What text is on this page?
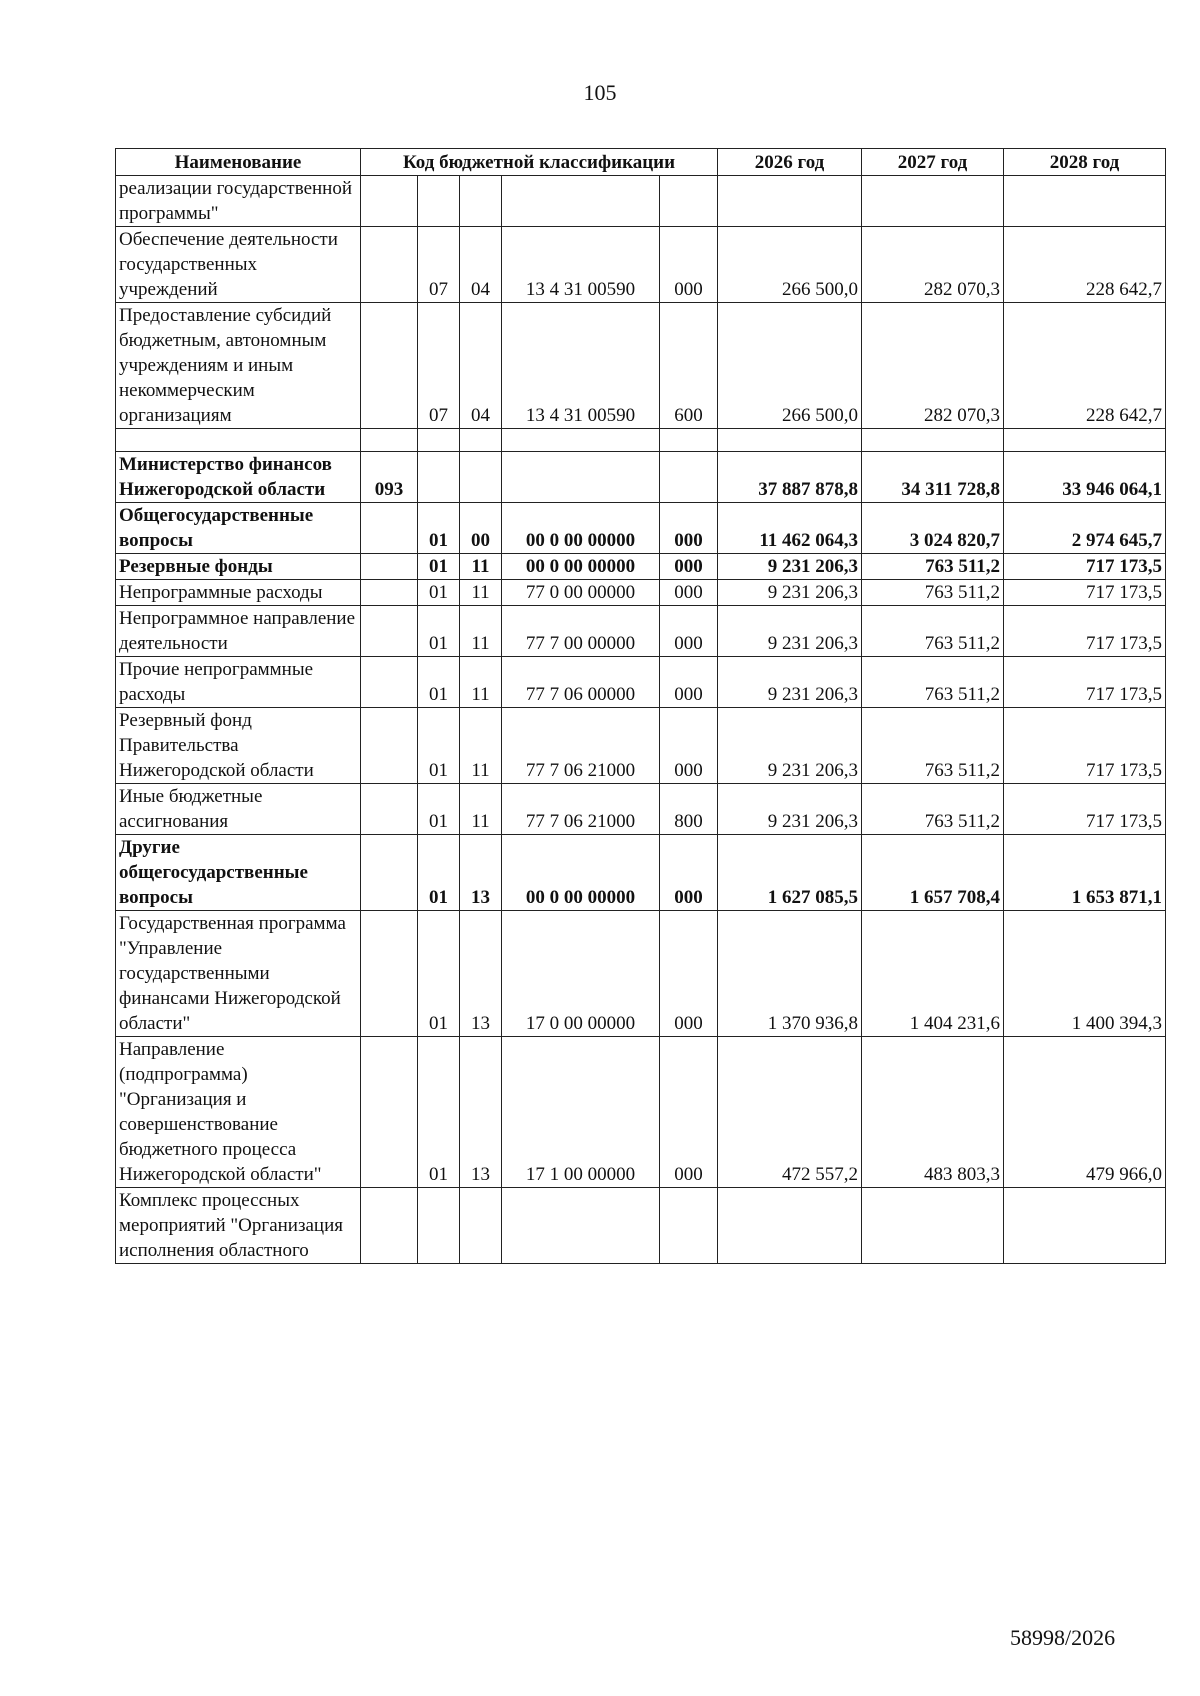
105
Наименование	Код бюджетной классификации					2026 год	2027 год	2028 год
реализации государственной программы"								
Обеспечение деятельности государственных учреждений		07	04	13 4 31 00590	000	266 500,0	282 070,3	228 642,7
Предоставление субсидий бюджетным, автономным учреждениям и иным некоммерческим организациям		07	04	13 4 31 00590	600	266 500,0	282 070,3	228 642,7

Министерство финансов Нижегородской области	093					37 887 878,8	34 311 728,8	33 946 064,1
Общегосударственные вопросы		01	00	00 0 00 00000	000	11 462 064,3	3 024 820,7	2 974 645,7
Резервные фонды		01	11	00 0 00 00000	000	9 231 206,3	763 511,2	717 173,5
Непрограммные расходы		01	11	77 0 00 00000	000	9 231 206,3	763 511,2	717 173,5
Непрограммное направление деятельности		01	11	77 7 00 00000	000	9 231 206,3	763 511,2	717 173,5
Прочие непрограммные расходы		01	11	77 7 06 00000	000	9 231 206,3	763 511,2	717 173,5
Резервный фонд Правительства Нижегородской области		01	11	77 7 06 21000	000	9 231 206,3	763 511,2	717 173,5
Иные бюджетные ассигнования		01	11	77 7 06 21000	800	9 231 206,3	763 511,2	717 173,5
Другие общегосударственные вопросы		01	13	00 0 00 00000	000	1 627 085,5	1 657 708,4	1 653 871,1
Государственная программа "Управление государственными финансами Нижегородской области"		01	13	17 0 00 00000	000	1 370 936,8	1 404 231,6	1 400 394,3
Направление (подпрограмма) "Организация и совершенствование бюджетного процесса Нижегородской области"		01	13	17 1 00 00000	000	472 557,2	483 803,3	479 966,0
Комплекс процессных мероприятий "Организация исполнения областного								
58998/2026
